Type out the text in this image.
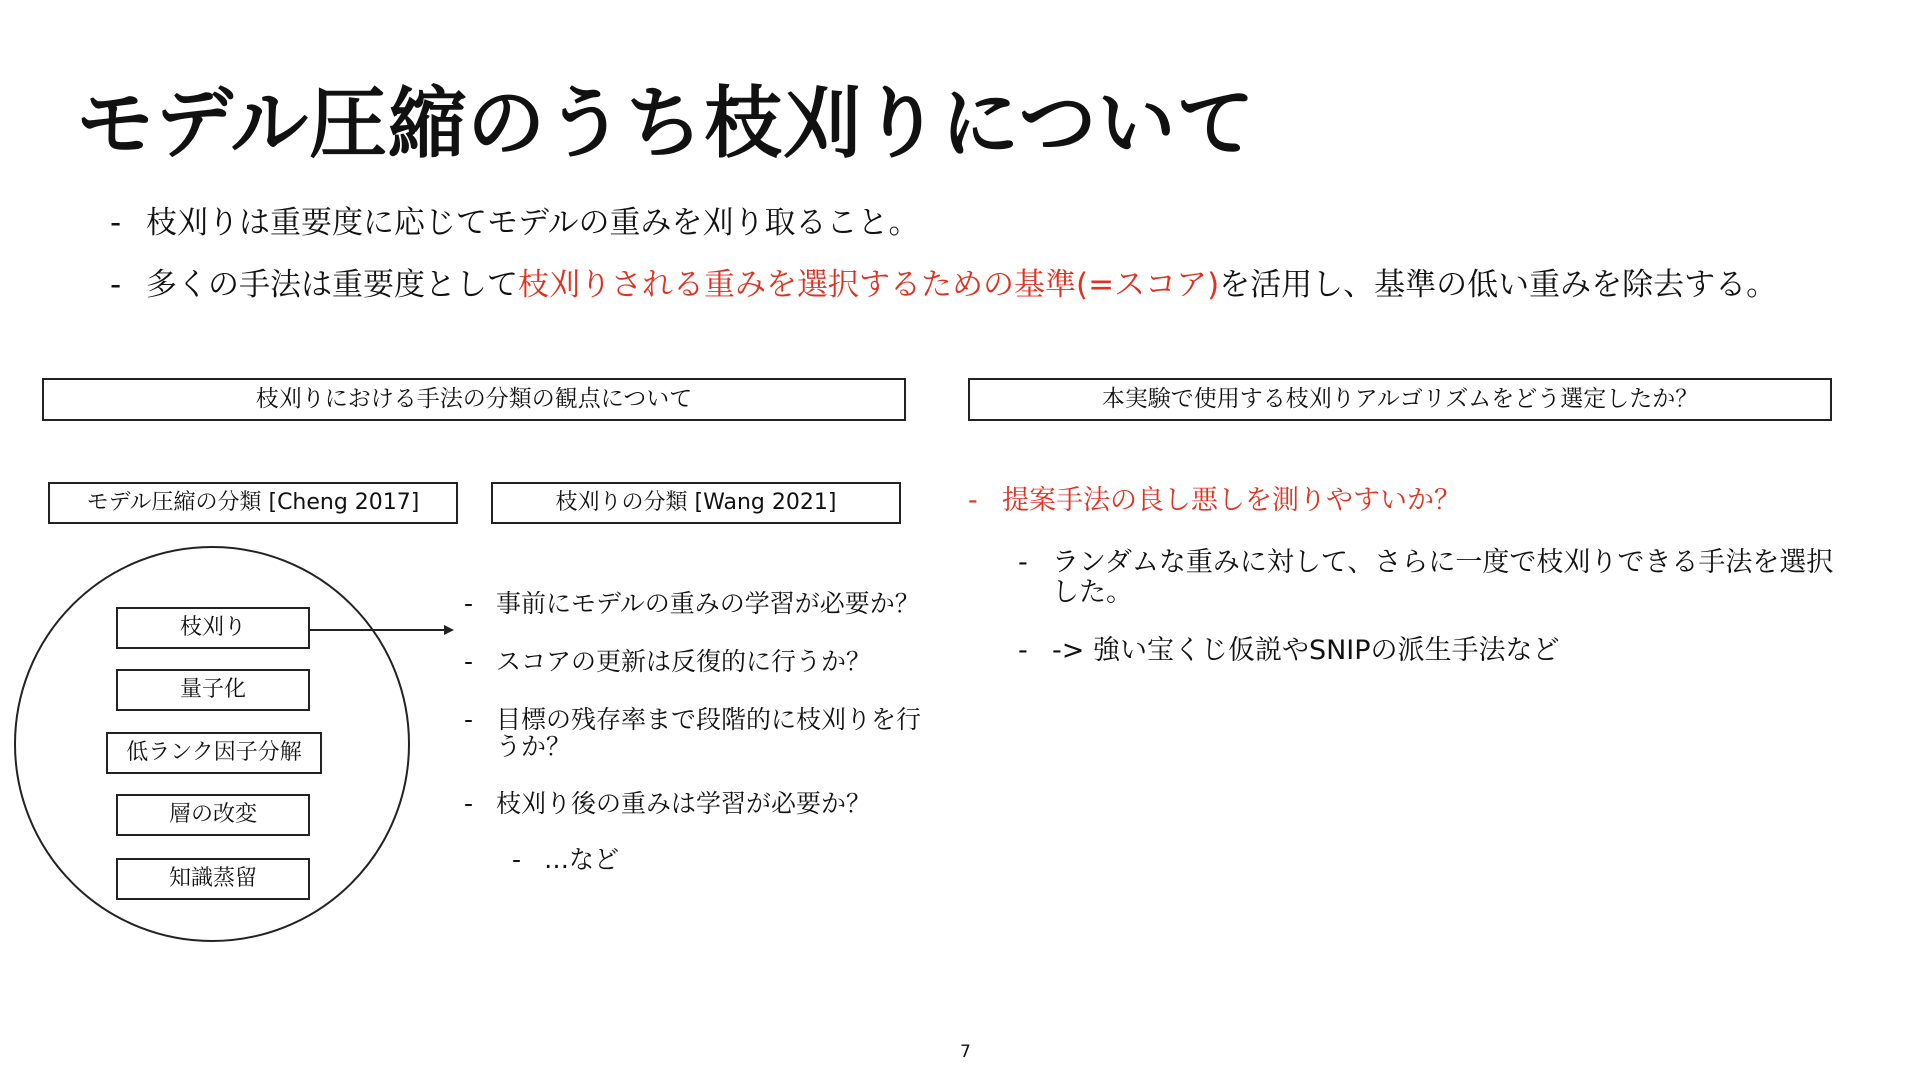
モデル圧縮のうち枝刈りについて
- 枝刈りは重要度に応じてモデルの重みを刈り取ること。
- 多くの手法は重要度として枝刈りされる重みを選択するための基準(=スコア)を活用し、基準の低い重みを除去する。
枝刈りにおける手法の分類の観点について	本実験で使用する枝刈りアルゴリズムをどう選定したか？
モデル圧縮の分類 [Cheng 2017]	枝刈りの分類 [Wang 2021]
枝刈り
量子化
低ランク因子分解
層の改変
知識蒸留
- 事前にモデルの重みの学習が必要か？
- スコアの更新は反復的に行うか？
- 目標の残存率まで段階的に枝刈りを行うか？
- 枝刈り後の重みは学習が必要か？
- …など
- 提案手法の良し悪しを測りやすいか？
- ランダムな重みに対して、さらに一度で枝刈りできる手法を選択した。
- -> 強い宝くじ仮説やSNIPの派生手法など
7
